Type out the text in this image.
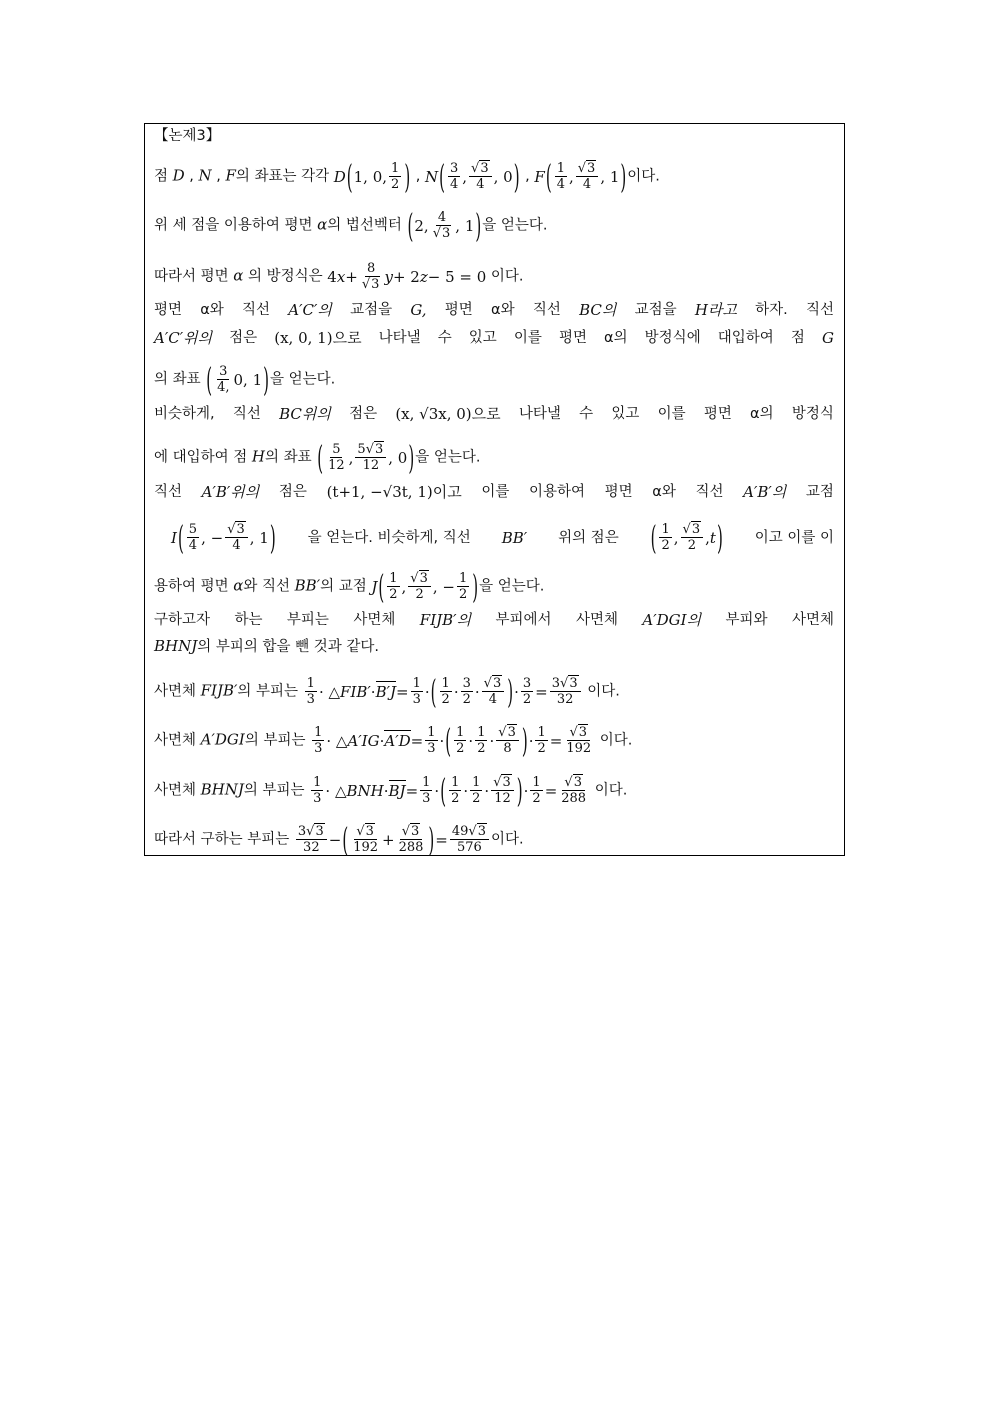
【논제3】
점 D , N , F의 좌표는 각각 D ( 1, 0, 1
2 ) , N ( 3
4 , √3
4 , 0 ) , F ( 1
4 , √3
4 , 1 ) 이다.
위 세 점을 이용하여 평면 α의 법선벡터 ( 2, 4
√3 , 1 ) 을 얻는다.
따라서 평면 α 의 방정식은 4 x + 8
√3 y + 2 z − 5 = 0 이다.
평면 α와 직선 A′C′의 교점을 G, 평면 α와 직선 BC의 교점을 H라고 하자. 직선
A′C′위의 점은 (x, 0, 1)으로 나타낼 수 있고 이를 평면 α의 방정식에 대입하여 점 G
의 좌표 ( 3
4, 0, 1 ) 을 얻는다.
비슷하게, 직선 BC위의 점은 (x, √3x, 0)으로 나타낼 수 있고 이를 평면 α의 방정식
에 대입하여 점 H의 좌표 ( 5
12 , 5√3
12 , 0 ) 을 얻는다.
직선 A′B′위의 점은 (t+1, −√3t, 1)이고 이를 이용하여 평면 α와 직선 A′B′의 교점
I ( 5
4 , − √3
4 , 1 ) 을 얻는다. 비슷하게, 직선 BB′ 위의 점은 ( 1
2 , √3
2 , t ) 이고 이를 이
용하여 평면 α와 직선 BB′의 교점 J ( 1
2 , √3
2 , − 1
2 ) 을 얻는다.
구하고자 하는 부피는 사면체 FIJB′의 부피에서 사면체 A′DGI의 부피와 사면체
BHNJ의 부피의 합을 뺀 것과 같다.
사면체 FIJB′의 부피는 1
3 · △ FIB′ · B′J = 1
3 · ( 1
2 · 3
2 · √3
4 ) · 3
2 = 3√3
32 이다.
사면체 A′DGI의 부피는 1
3 · △ A′IG · A′D = 1
3 · ( 1
2 · 1
2 · √3
8 ) · 1
2 = √3
192 이다.
사면체 BHNJ의 부피는 1
3 · △ BNH · BJ = 1
3 · ( 1
2 · 1
2 · √3
12 ) · 1
2 = √3
288 이다.
따라서 구하는 부피는 3√3
32 − ( √3
192 + √3
288 ) = 49√3
576 이다.
